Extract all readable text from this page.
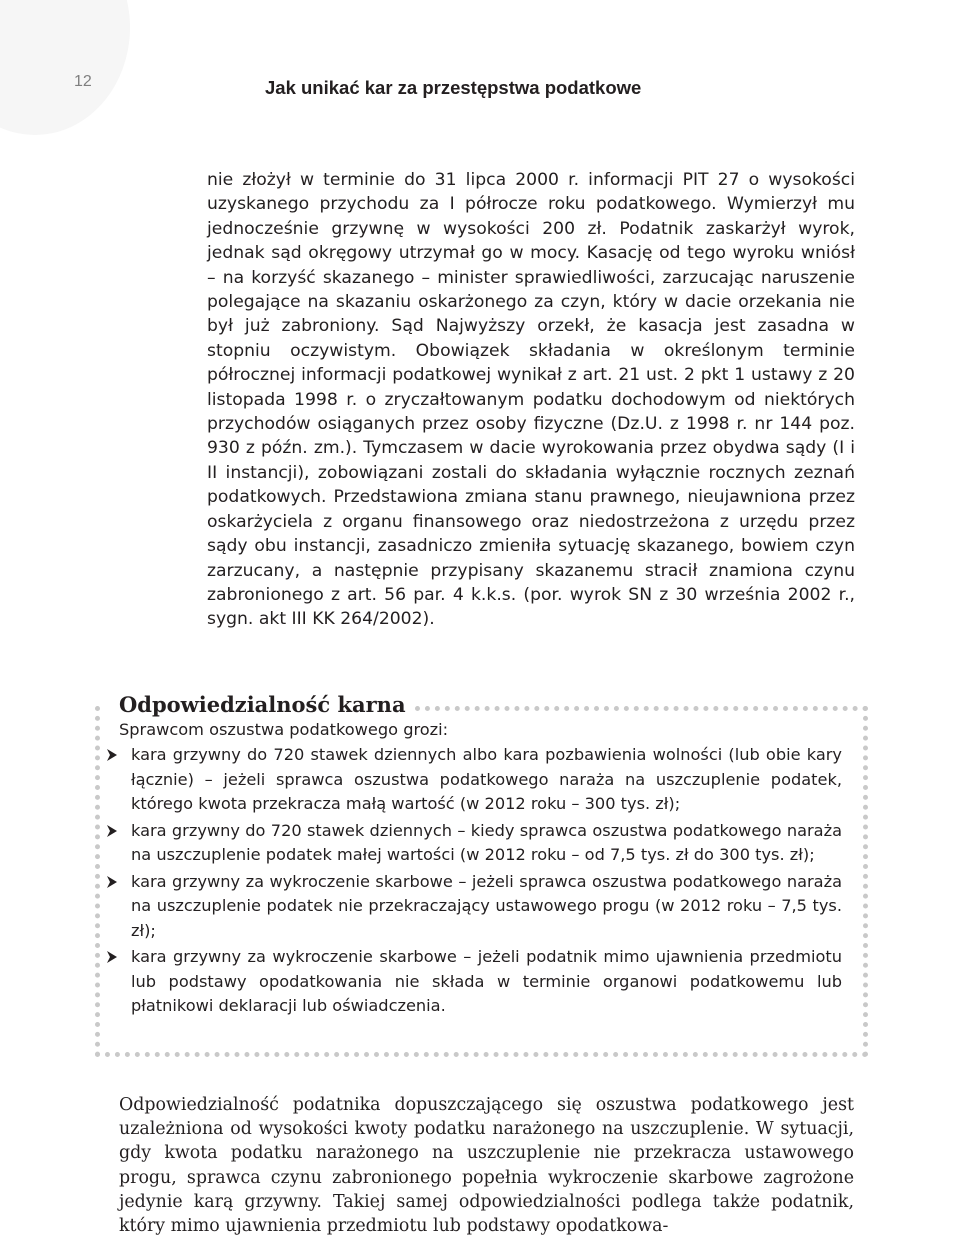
12	Jak unikać kar za przestępstwa podatkowe

nie złożył w terminie do 31 lipca 2000 r. informacji PIT 27 o wysokości uzyskanego przychodu za I półrocze roku podatkowego. Wymierzył mu jednocześnie grzywnę w wysokości 200 zł. Podatnik zaskarżył wyrok, jednak sąd okręgowy utrzymał go w mocy. Kasację od tego wyroku wniósł – na korzyść skazanego – minister sprawiedliwości, zarzucając naruszenie polegające na skazaniu oskarżonego za czyn, który w dacie orzekania nie był już zabroniony. Sąd Najwyższy orzekł, że kasacja jest zasadna w stopniu oczywistym. Obowiązek składania w określonym terminie półrocznej informacji podatkowej wynikał z art. 21 ust. 2 pkt 1 ustawy z 20 listopada 1998 r. o zryczałtowanym podatku dochodowym od niektórych przychodów osiąganych przez osoby fizyczne (Dz.U. z 1998 r. nr 144 poz. 930 z późn. zm.). Tymczasem w dacie wyrokowania przez obydwa sądy (I i II instancji), zobowiązani zostali do składania wyłącznie rocznych zeznań podatkowych. Przedstawiona zmiana stanu prawnego, nieujawniona przez oskarżyciela z organu finansowego oraz niedostrzeżona z urzędu przez sądy obu instancji, zasadniczo zmieniła sytuację skazanego, bowiem czyn zarzucany, a następnie przypisany skazanemu stracił znamiona czynu zabronionego z art. 56 par. 4 k.k.s. (por. wyrok SN z 30 września 2002 r., sygn. akt III KK 264/2002).

Odpowiedzialność karna
Sprawcom oszustwa podatkowego grozi:
kara grzywny do 720 stawek dziennych albo kara pozbawienia wolności (lub obie kary łącznie) – jeżeli sprawca oszustwa podatkowego naraża na uszczuplenie podatek, którego kwota przekracza małą wartość (w 2012 roku – 300 tys. zł);
kara grzywny do 720 stawek dziennych – kiedy sprawca oszustwa podatkowego naraża na uszczuplenie podatek małej wartości (w 2012 roku – od 7,5 tys. zł do 300 tys. zł);
kara grzywny za wykroczenie skarbowe – jeżeli sprawca oszustwa podatkowego naraża na uszczuplenie podatek nie przekraczający ustawowego progu (w 2012 roku – 7,5 tys. zł);
kara grzywny za wykroczenie skarbowe – jeżeli podatnik mimo ujawnienia przedmiotu lub podstawy opodatkowania nie składa w terminie organowi podatkowemu lub płatnikowi deklaracji lub oświadczenia.

Odpowiedzialność podatnika dopuszczającego się oszustwa podatkowego jest uzależniona od wysokości kwoty podatku narażonego na uszczuplenie. W sytuacji, gdy kwota podatku narażonego na uszczuplenie nie przekracza ustawowego progu, sprawca czynu zabronionego popełnia wykroczenie skarbowe zagrożone jedynie karą grzywny. Takiej samej odpowiedzialności podlega także podatnik, który mimo ujawnienia przedmiotu lub podstawy opodatkowa-
